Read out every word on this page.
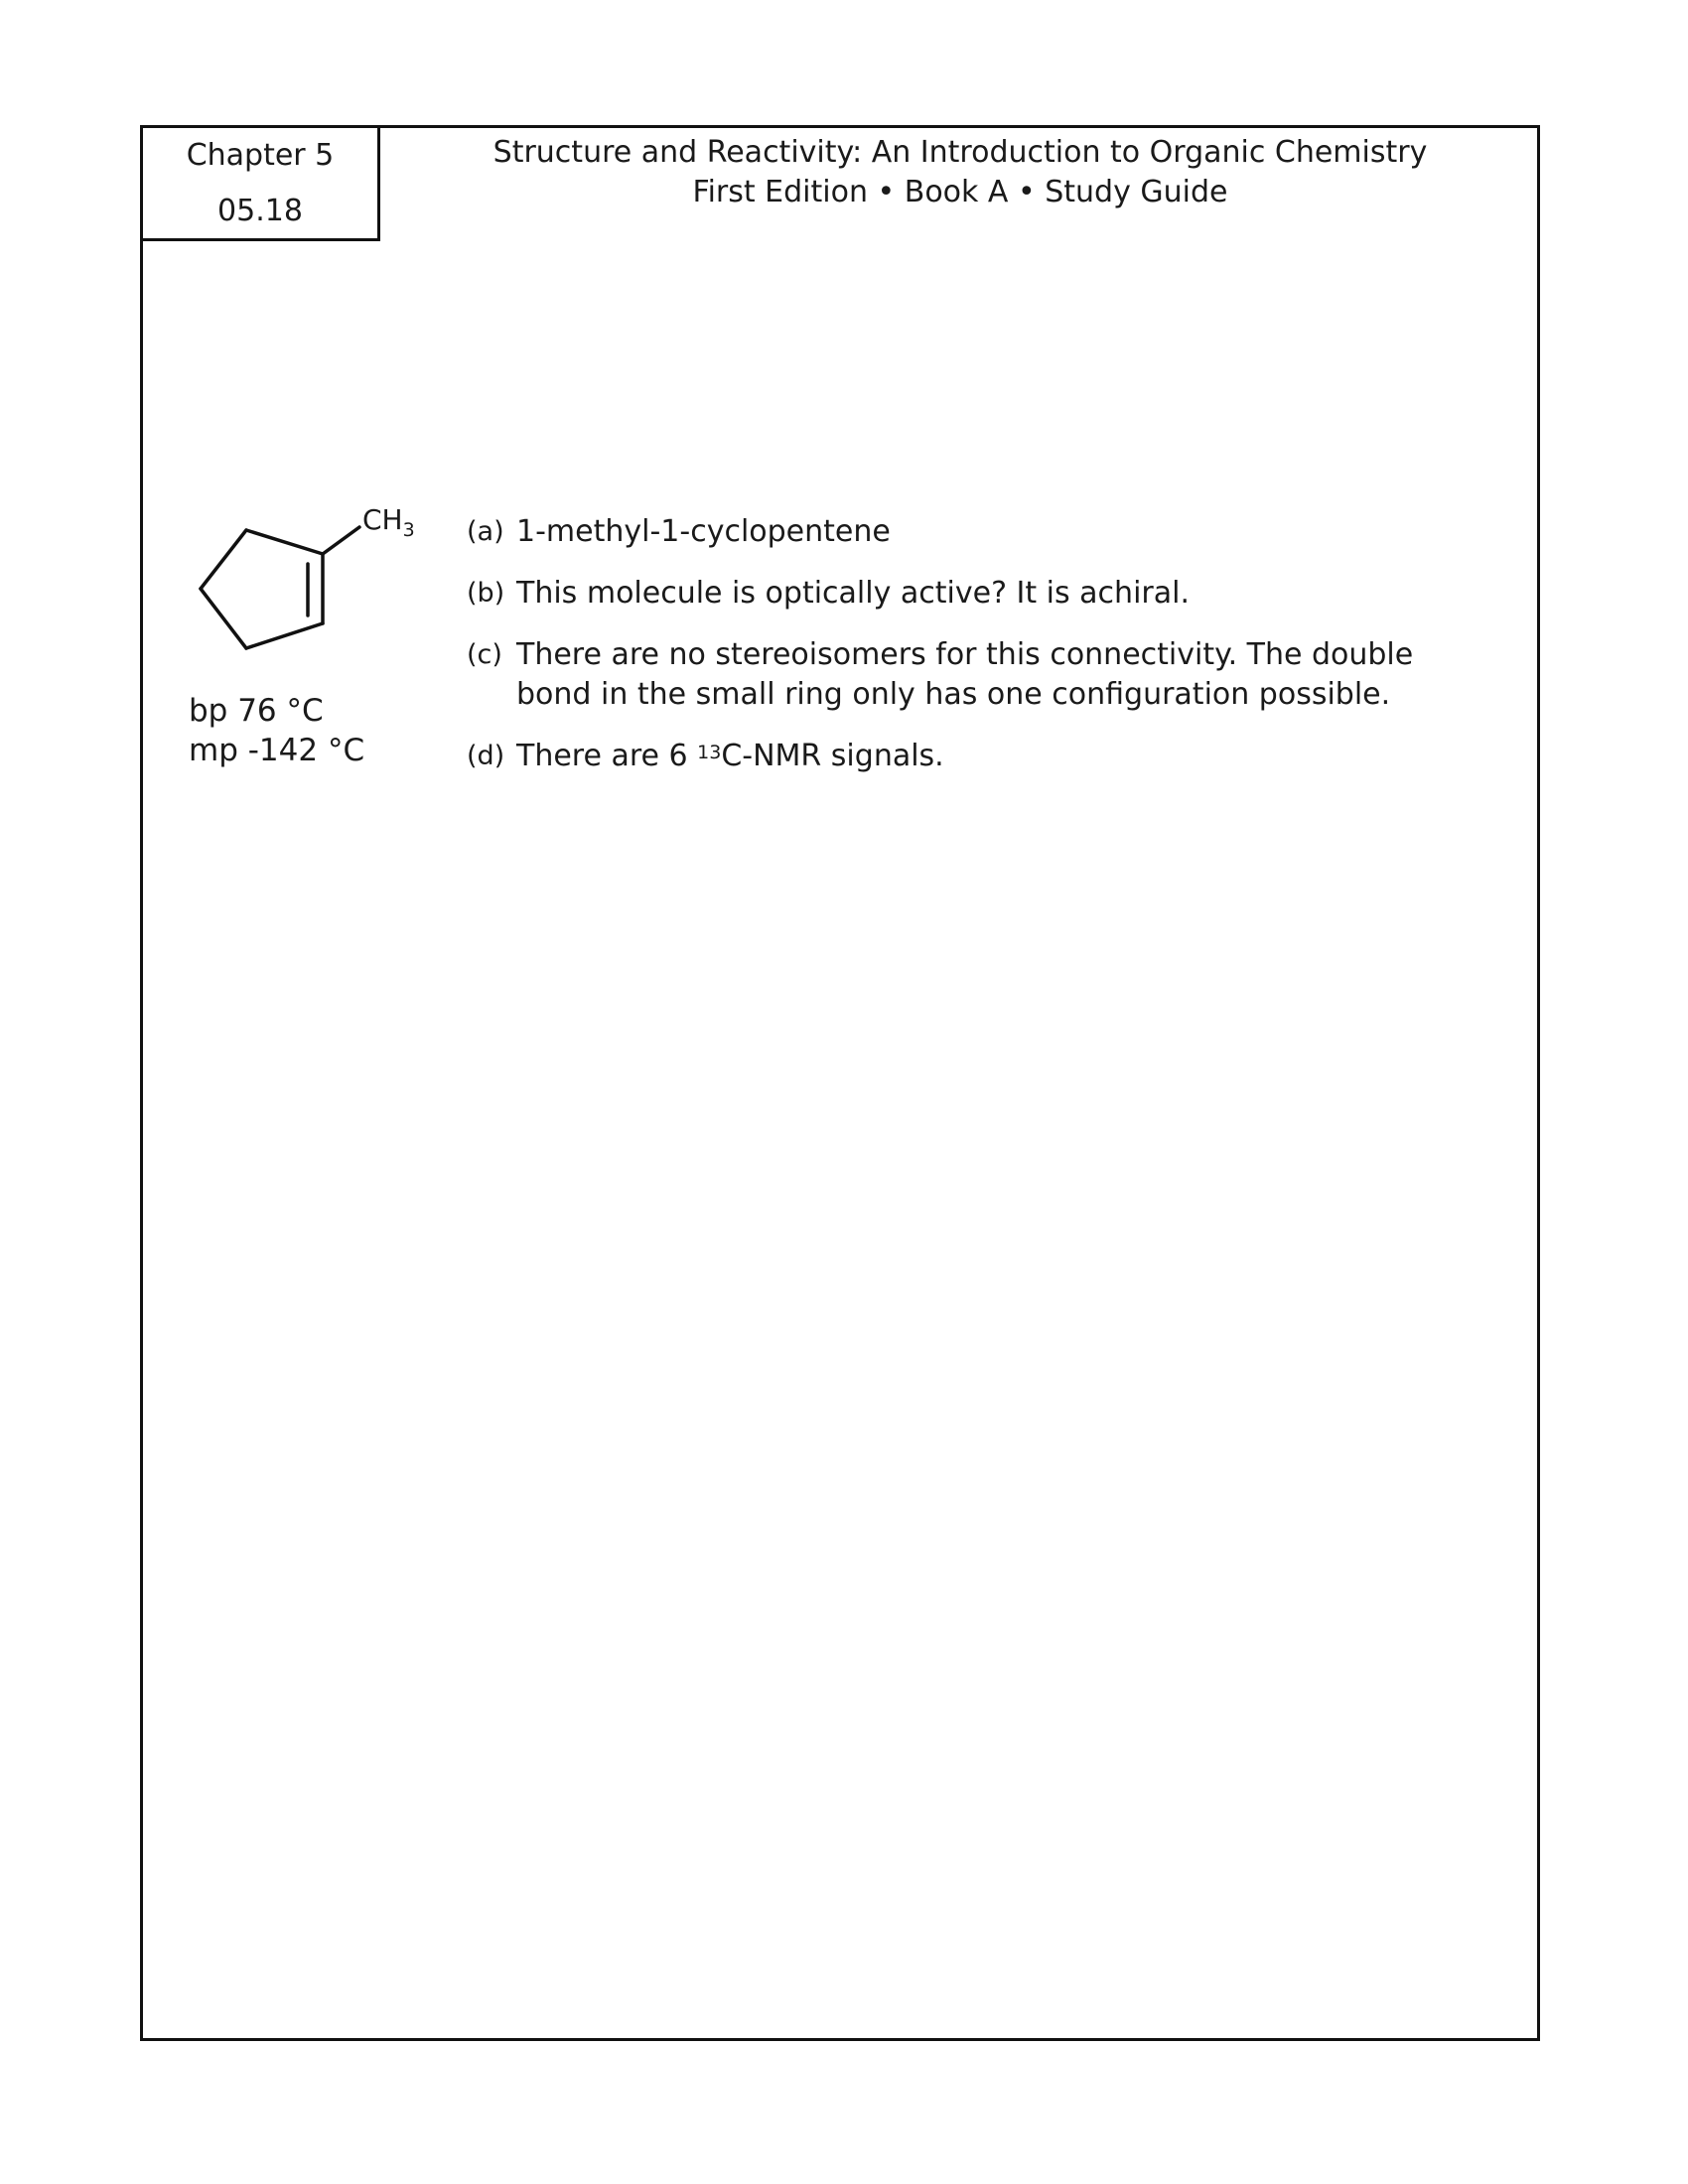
Chapter 5
05.18
Structure and Reactivity: An Introduction to Organic Chemistry
First Edition • Book A • Study Guide
$CH_3$
bp 76 °C
mp -142 °C
(a) 1-methyl-1-cyclopentene
(b) This molecule is optically active? It is achiral.
(c) There are no stereoisomers for this connectivity. The double bond in the small ring only has one configuration possible.
(d) There are 6 $^{13}$C-NMR signals.
